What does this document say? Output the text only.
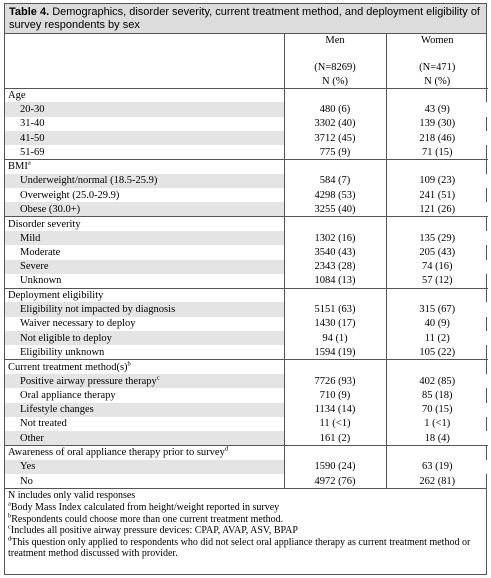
Table 4. Demographics, disorder severity, current treatment method, and deployment eligibility of survey respondents by sex
	Men	Women

	(N=8269)	(N=471)
	N (%)	N (%)
Age		
20-30	480 (6)	43 (9)
31-40	3302 (40)	139 (30)
41-50	3712 (45)	218 (46)
51-69	775 (9)	71 (15)
BMI$^a$		
Underweight/normal (18.5-25.9)	584 (7)	109 (23)
Overweight (25.0-29.9)	4298 (53)	241 (51)
Obese (30.0+)	3255 (40)	121 (26)
Disorder severity		
Mild	1302 (16)	135 (29)
Moderate	3540 (43)	205 (43)
Severe	2343 (28)	74 (16)
Unknown	1084 (13)	57 (12)
Deployment eligibility		
Eligibility not impacted by diagnosis	5151 (63)	315 (67)
Waiver necessary to deploy	1430 (17)	40 (9)
Not eligible to deploy	94 (1)	11 (2)
Eligibility unknown	1594 (19)	105 (22)
Current treatment $method(s)^b$		
Positive airway pressure therapy$^c$	7726 (93)	402 (85)
Oral appliance therapy	710 (9)	85 (18)
Lifestyle changes	1134 (14)	70 (15)
Not treated	11 (<1)	1 (<1)
Other	161 (2)	18 (4)
Awareness of oral appliance therapy prior to survey$^d$		
Yes	1590 (24)	63 (19)
No	4972 (76)	262 (81)
N includes only valid responses
$^a$Body Mass Index calculated from height/weight reported in survey
$^b$Respondents could choose more than one current treatment method.
$^c$Includes all positive airway pressure devices: CPAP, AVAP, ASV, BPAP
$^d$This question only applied to respondents who did not select oral appliance therapy as current treatment method or treatment method discussed with provider.
